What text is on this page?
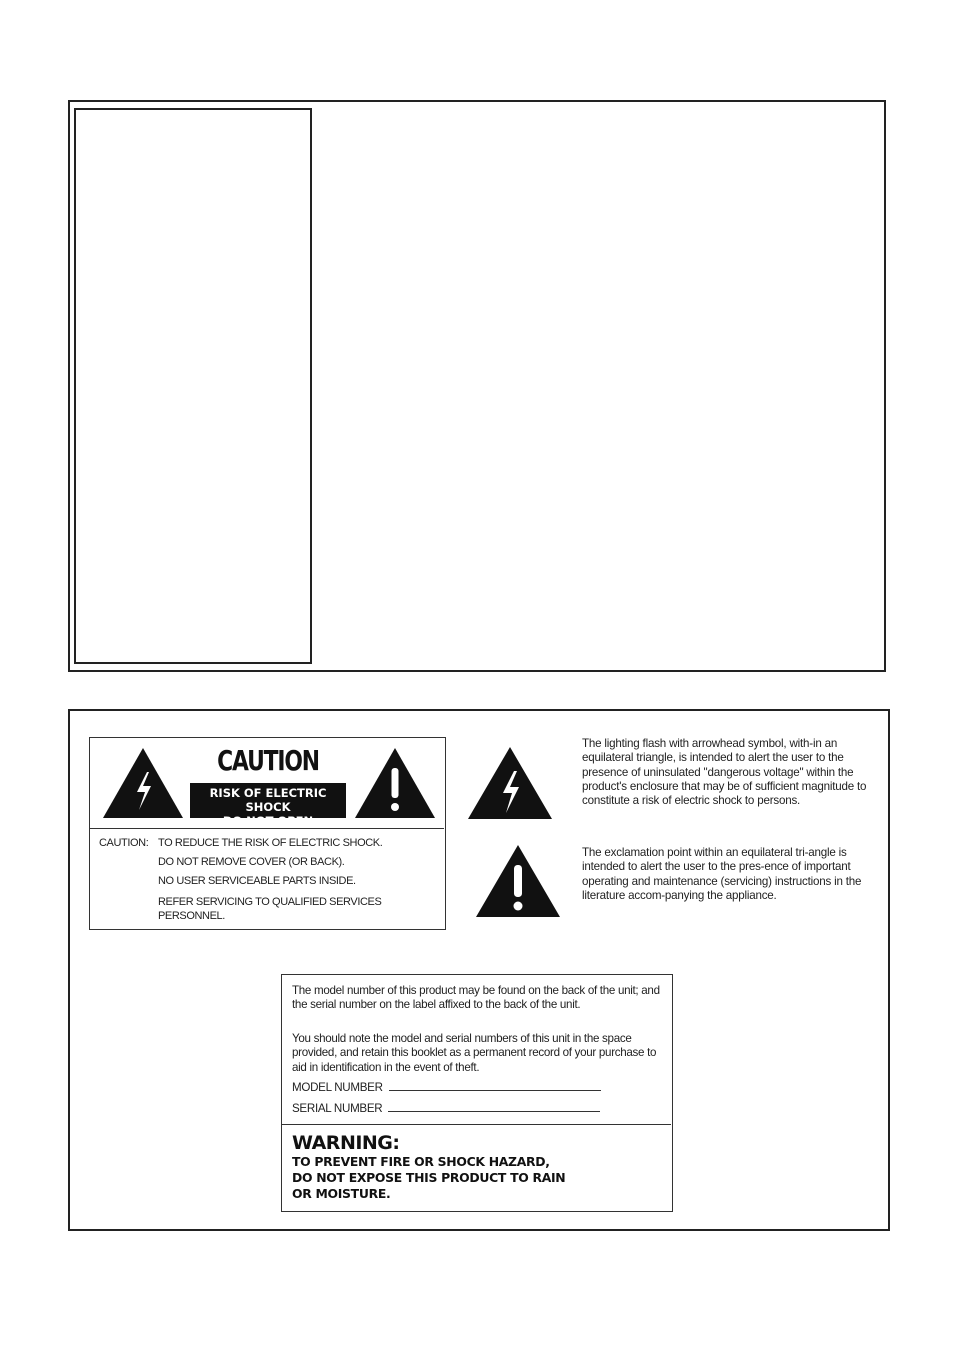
CAUTION
RISK OF ELECTRIC SHOCK
DO NOT OPEN
CAUTION: TO REDUCE THE RISK OF ELECTRIC SHOCK.
DO NOT REMOVE COVER (OR BACK).
NO USER SERVICEABLE PARTS INSIDE.
REFER SERVICING TO QUALIFIED SERVICES
PERSONNEL.
The lighting flash with arrowhead symbol, with-in an equilateral triangle, is intended to alert the user to the presence of uninsulated "dangerous voltage" within the product's enclosure that may be of sufficient magnitude to constitute a risk of electric shock to persons.
The exclamation point within an equilateral tri-angle is intended to alert the user to the pres-ence of important operating and maintenance (servicing) instructions in the literature accom-panying the appliance.
The model number of this product may be found on the back of the unit; and the serial number on the label affixed to the back of the unit.
You should note the model and serial numbers of this unit in the space provided, and retain this booklet as a permanent record of your purchase to aid in identification in the event of theft.
MODEL NUMBER
SERIAL NUMBER
WARNING:
TO PREVENT FIRE OR SHOCK HAZARD,
DO NOT EXPOSE THIS PRODUCT TO RAIN
OR MOISTURE.
